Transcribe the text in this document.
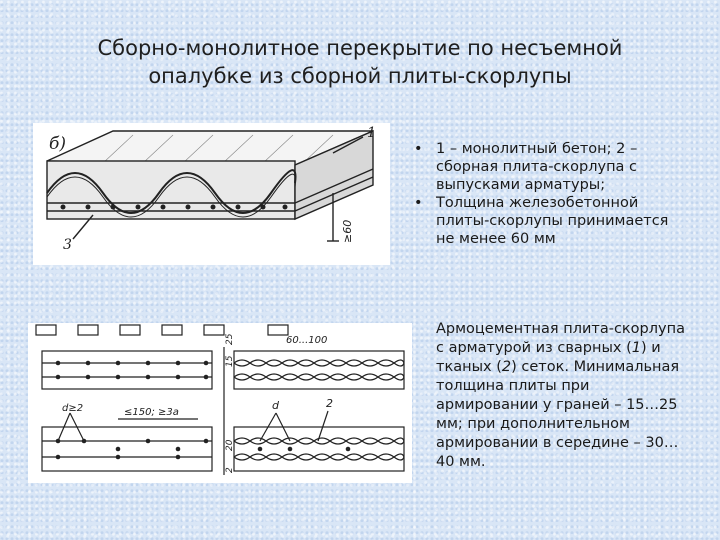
Сборно-монолитное перекрытие по несъемной
опалубке из сборной плиты-скорлупы
б)
1
3
≥60
• 1 – монолитный бетон; 2 – сборная плита-скорлупа с выпусками арматуры;
• Толщина железобетонной плиты-скорлупы принимается не менее 60 мм
d≥2	≤150; ≥3a
d	2
60...100
15
25
20
2
Армоцементная плита-скорлупа с арматурой из сварных (1) и тканых (2) сеток. Минимальная толщина плиты при армировании у граней – 15…25 мм; при дополнительном армировании в середине – 30…40 мм.
